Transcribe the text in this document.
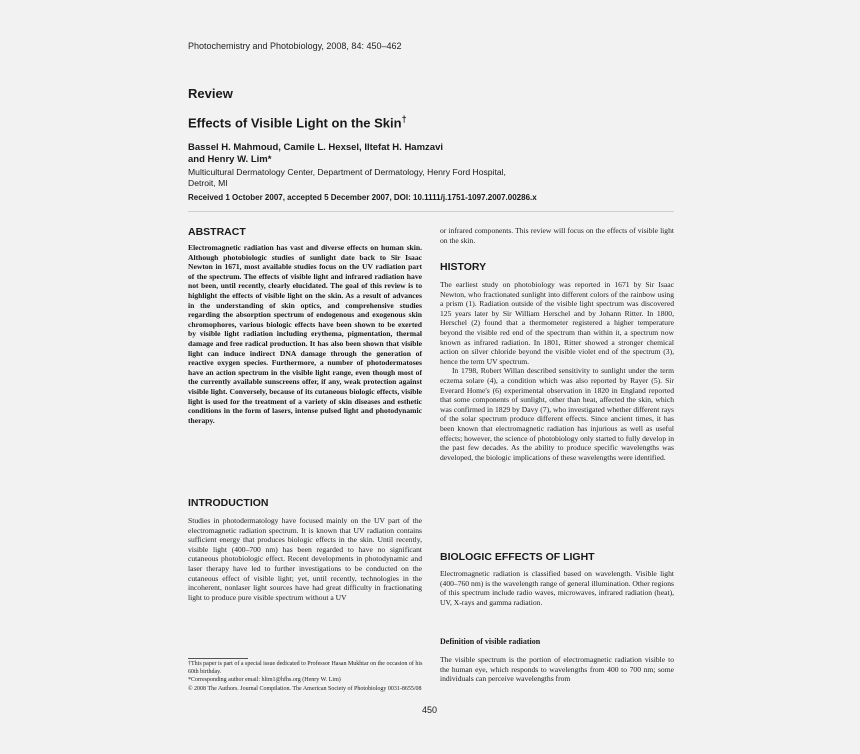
Photochemistry and Photobiology, 2008, 84: 450–462
Review
Effects of Visible Light on the Skin†
Bassel H. Mahmoud, Camile L. Hexsel, Iltefat H. Hamzavi
and Henry W. Lim*
Multicultural Dermatology Center, Department of Dermatology, Henry Ford Hospital,
Detroit, MI
Received 1 October 2007, accepted 5 December 2007, DOI: 10.1111/j.1751-1097.2007.00286.x
ABSTRACT
Electromagnetic radiation has vast and diverse effects on human skin. Although photobiologic studies of sunlight date back to Sir Isaac Newton in 1671, most available studies focus on the UV radiation part of the spectrum. The effects of visible light and infrared radiation have not been, until recently, clearly elucidated. The goal of this review is to highlight the effects of visible light on the skin. As a result of advances in the understanding of skin optics, and comprehensive studies regarding the absorption spectrum of endogenous and exogenous skin chromophores, various biologic effects have been shown to be exerted by visible light radiation including erythema, pigmentation, thermal damage and free radical production. It has also been shown that visible light can induce indirect DNA damage through the generation of reactive oxygen species. Furthermore, a number of photodermatoses have an action spectrum in the visible light range, even though most of the currently available sunscreens offer, if any, weak protection against visible light. Conversely, because of its cutaneous biologic effects, visible light is used for the treatment of a variety of skin diseases and esthetic conditions in the form of lasers, intense pulsed light and photodynamic therapy.
INTRODUCTION
Studies in photodermatology have focused mainly on the UV part of the electromagnetic radiation spectrum. It is known that UV radiation contains sufficient energy that produces biologic effects in the skin. Until recently, visible light (400–700 nm) has been regarded to have no significant cutaneous photobiologic effect. Recent developments in photodynamic and laser therapy have led to further investigations to be conducted on the cutaneous effect of visible light; yet, until recently, technologies in the incoherent, nonlaser light sources have had great difficulty in fractionating light to produce pure visible spectrum without a UV
†This paper is part of a special issue dedicated to Professor Hasan Mukhtar on the occasion of his 60th birthday.
*Corresponding author email: hlim1@hfhs.org (Henry W. Lim)
© 2008 The Authors. Journal Compilation. The American Society of Photobiology 0031-8655/08
or infrared components. This review will focus on the effects of visible light on the skin.
HISTORY

The earliest study on photobiology was reported in 1671 by Sir Isaac Newton, who fractionated sunlight into different colors of the rainbow using a prism (1). Radiation outside of the visible light spectrum was discovered 125 years later by Sir William Herschel and by Johann Ritter. In 1800, Herschel (2) found that a thermometer registered a higher temperature beyond the visible red end of the spectrum than within it, a spectrum now known as infrared radiation. In 1801, Ritter showed a stronger chemical action on silver chloride beyond the visible violet end of the spectrum (3), hence the term UV spectrum.

In 1798, Robert Willan described sensitivity to sunlight under the term eczema solare (4), a condition which was also reported by Rayer (5). Sir Everard Home's (6) experimental observation in 1820 in England reported that some components of sunlight, other than heat, affected the skin, which was confirmed in 1829 by Davy (7), who investigated whether different rays of the solar spectrum produce different effects. Since ancient times, it has been known that electromagnetic radiation has injurious as well as useful effects; however, the science of photobiology only started to fully develop in the past few decades. As the ability to produce specific wavelengths was developed, the biologic implications of these wavelengths were identified.

BIOLOGIC EFFECTS OF LIGHT
Electromagnetic radiation is classified based on wavelength. Visible light (400–760 nm) is the wavelength range of general illumination. Other regions of this spectrum include radio waves, microwaves, infrared radiation (heat), UV, X-rays and gamma radiation.
Definition of visible radiation
The visible spectrum is the portion of electromagnetic radiation visible to the human eye, which responds to wavelengths from 400 to 700 nm; some individuals can perceive wavelengths from
450
